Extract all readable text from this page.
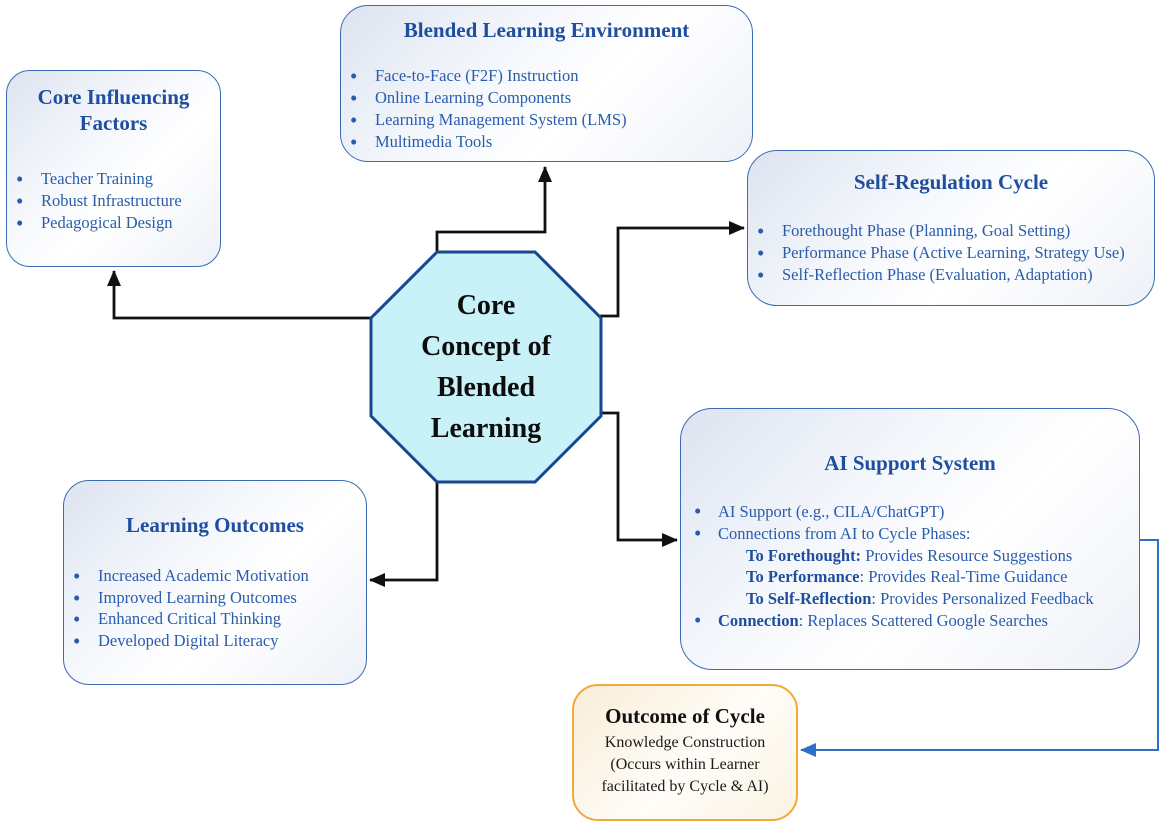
Core Influencing Factors
• Teacher Training
• Robust Infrastructure
• Pedagogical Design
Blended Learning Environment
• Face-to-Face (F2F) Instruction
• Online Learning Components
• Learning Management System (LMS)
• Multimedia Tools
Self-Regulation Cycle
• Forethought Phase (Planning, Goal Setting)
• Performance Phase (Active Learning, Strategy Use)
• Self-Reflection Phase (Evaluation, Adaptation)
AI Support System
• AI Support (e.g., CILA/ChatGPT)
• Connections from AI to Cycle Phases:
To Forethought: Provides Resource Suggestions
To Performance: Provides Real-Time Guidance
To Self-Reflection: Provides Personalized Feedback
• Connection: Replaces Scattered Google Searches
Learning Outcomes
• Increased Academic Motivation
• Improved Learning Outcomes
• Enhanced Critical Thinking
• Developed Digital Literacy
Outcome of Cycle
Knowledge Construction
(Occurs within Learner
facilitated by Cycle & AI)
Core
Concept of
Blended
Learning
